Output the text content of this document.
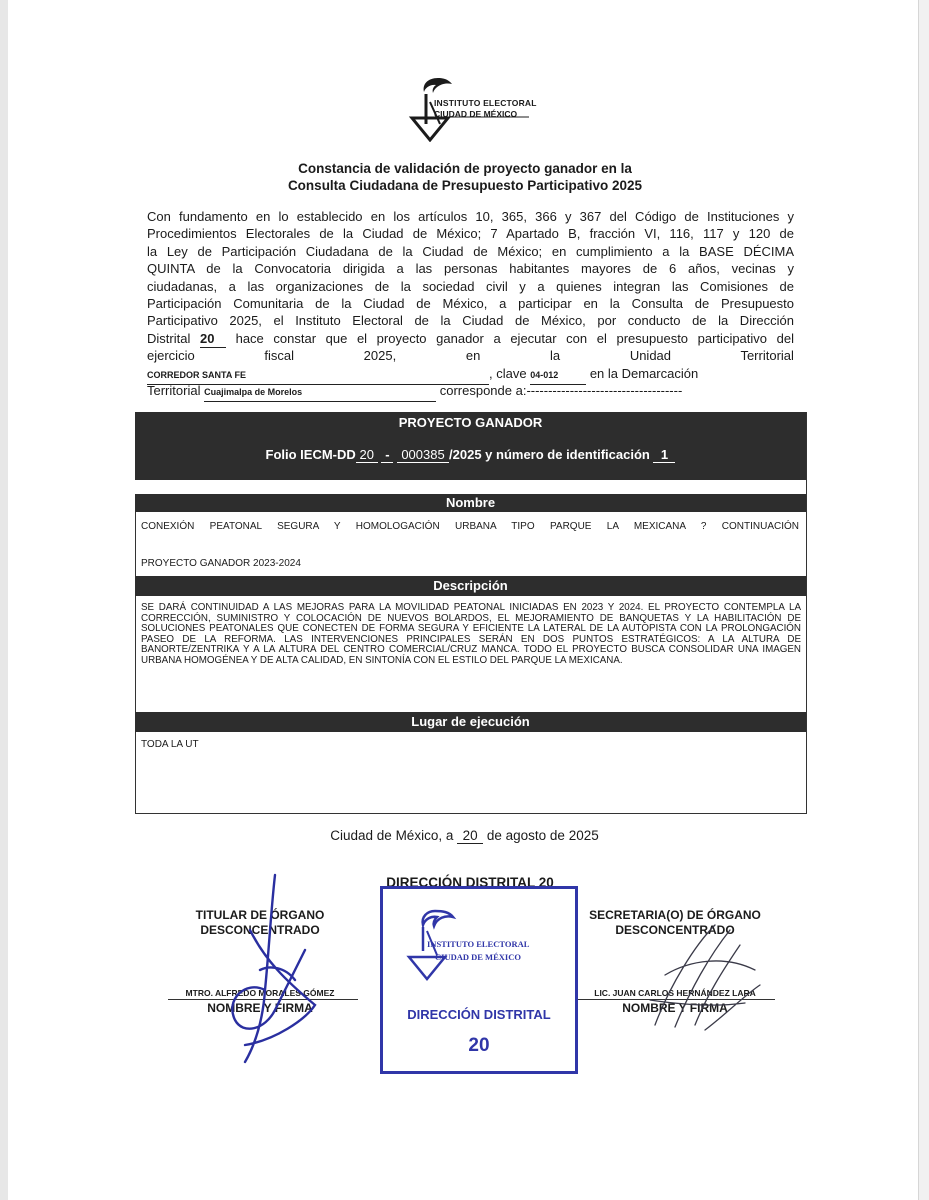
INSTITUTO ELECTORAL
CIUDAD DE MÉXICO
Constancia de validación de proyecto ganador en la
Consulta Ciudadana de Presupuesto Participativo 2025
Con fundamento en lo establecido en los artículos 10, 365, 366 y 367 del Código de Instituciones y
Procedimientos Electorales de la Ciudad de México; 7 Apartado B, fracción VI, 116, 117 y 120 de
la Ley de Participación Ciudadana de la Ciudad de México; en cumplimiento a la BASE DÉCIMA
QUINTA de la Convocatoria dirigida a las personas habitantes mayores de 6 años, vecinas y
ciudadanas, a las organizaciones de la sociedad civil y a quienes integran las Comisiones de
Participación Comunitaria de la Ciudad de México, a participar en la Consulta de Presupuesto
Participativo 2025, el Instituto Electoral de la Ciudad de México, por conducto de la Dirección
Distrital 20 hace constar que el proyecto ganador a ejecutar con el presupuesto participativo del
ejercicio	fiscal	2025,	en	la	Unidad	Territorial
CORREDOR SANTA FE	, clave 04-012 en la Demarcación
Territorial Cuajimalpa de Morelos	corresponde a:------------------------------------
PROYECTO GANADOR
Folio IECM-DD 20 - 000385 /2025 y número de identificación 1
Nombre
CONEXIÓN PEATONAL SEGURA Y HOMOLOGACIÓN URBANA TIPO PARQUE LA MEXICANA ? CONTINUACIÓN
PROYECTO GANADOR 2023-2024
Descripción
SE DARÁ CONTINUIDAD A LAS MEJORAS PARA LA MOVILIDAD PEATONAL INICIADAS EN 2023 Y 2024. EL PROYECTO CONTEMPLA LA CORRECCIÓN, SUMINISTRO Y COLOCACIÓN DE NUEVOS BOLARDOS, EL MEJORAMIENTO DE BANQUETAS Y LA HABILITACIÓN DE SOLUCIONES PEATONALES QUE CONECTEN DE FORMA SEGURA Y EFICIENTE LA LATERAL DE LA AUTOPISTA CON LA PROLONGACIÓN PASEO DE LA REFORMA. LAS INTERVENCIONES PRINCIPALES SERÁN EN DOS PUNTOS ESTRATÉGICOS: A LA ALTURA DE BANORTE/ZENTRIKA Y A LA ALTURA DEL CENTRO COMERCIAL/CRUZ MANCA. TODO EL PROYECTO BUSCA CONSOLIDAR UNA IMAGEN URBANA HOMOGÉNEA Y DE ALTA CALIDAD, EN SINTONÍA CON EL ESTILO DEL PARQUE LA MEXICANA.
Lugar de ejecución
TODA LA UT
Ciudad de México, a 20 de agosto de 2025
DIRECCIÓN DISTRITAL 20
TITULAR DE ÓRGANO
DESCONCENTRADO
MTRO. ALFREDO MORALES GÓMEZ
NOMBRE Y FIRMA
SECRETARIA(O) DE ÓRGANO
DESCONCENTRADO
LIC. JUAN CARLOS HERNÁNDEZ LARA
NOMBRE Y FIRMA
INSTITUTO ELECTORAL
CIUDAD DE MÉXICO
DIRECCIÓN DISTRITAL
20
